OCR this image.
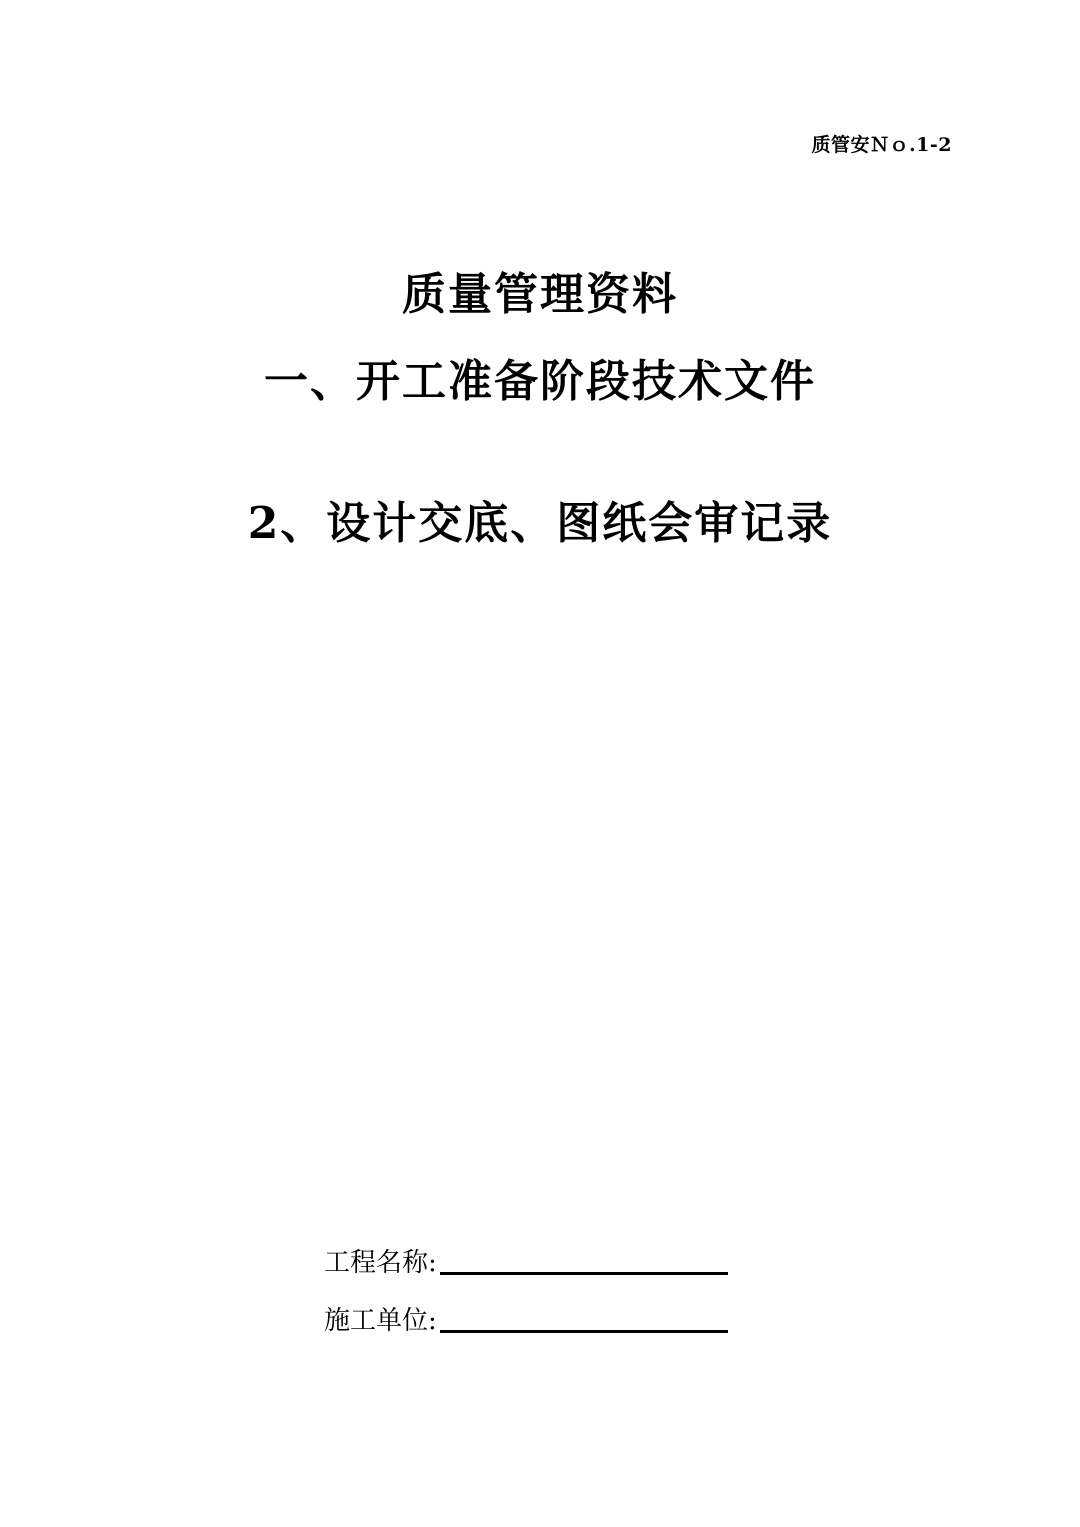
质管安Ｎｏ.1-2
质量管理资料
一、开工准备阶段技术文件
2、设计交底、图纸会审记录
工程名称:
施工单位:
